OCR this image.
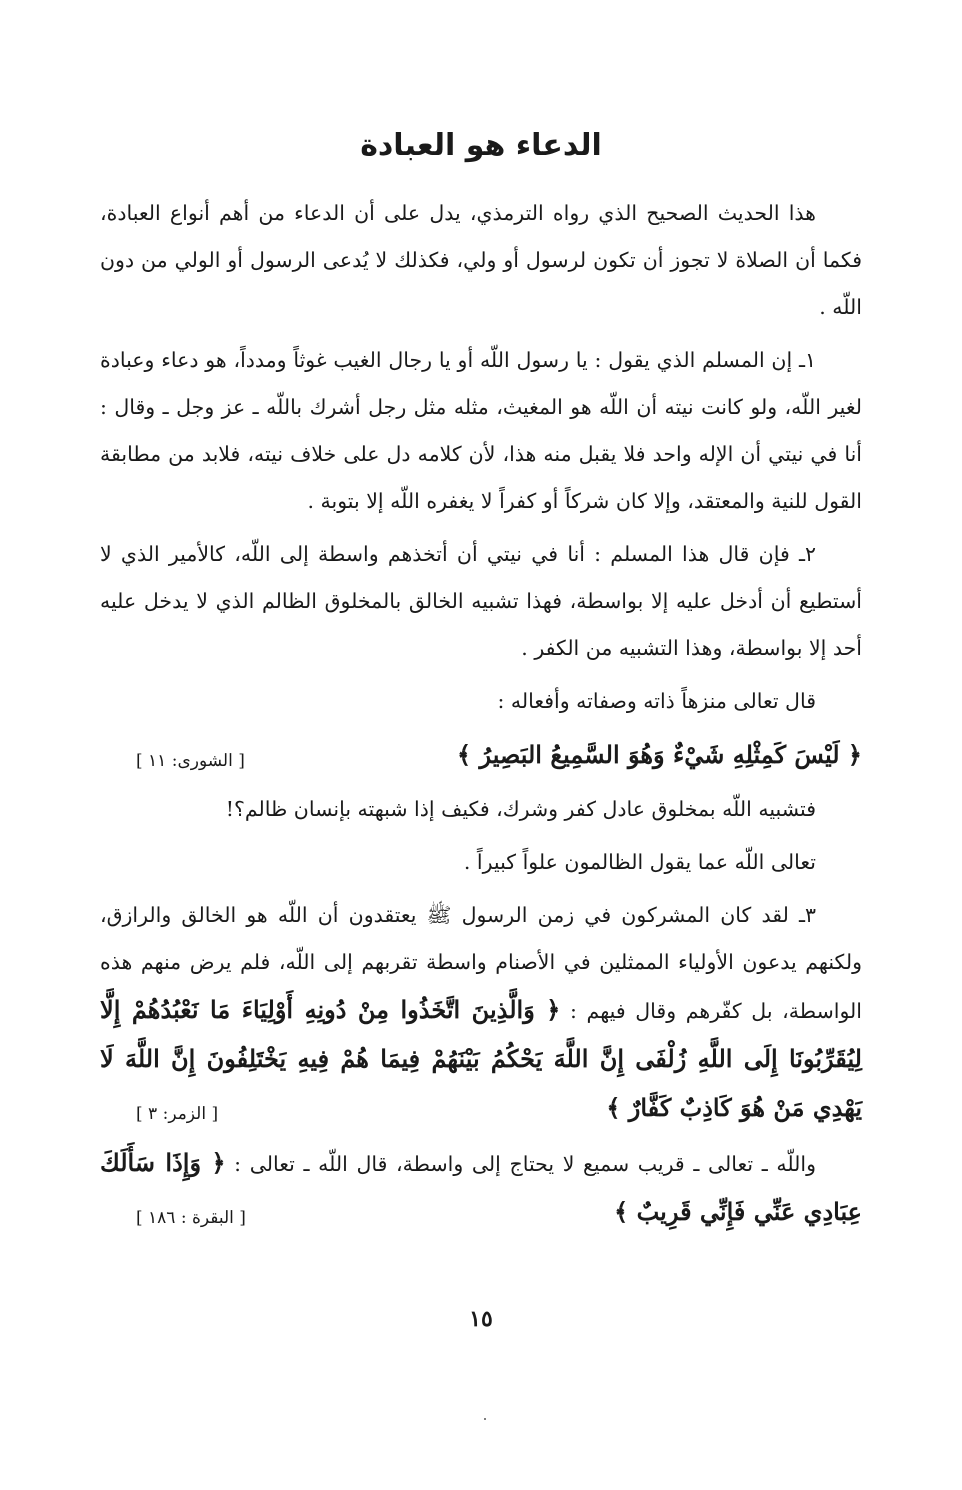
الدعاء هو العبادة

هذا الحديث الصحيح الذي رواه الترمذي، يدل على أن الدعاء من أهم أنواع العبادة، فكما أن الصلاة لا تجوز أن تكون لرسول أو ولي، فكذلك لا يُدعى الرسول أو الولي من دون اللّه .

١ـ إن المسلم الذي يقول : يا رسول اللّه أو يا رجال الغيب غوثاً ومدداً، هو دعاء وعبادة لغير اللّه، ولو كانت نيته أن اللّه هو المغيث، مثله مثل رجل أشرك باللّه ـ عز وجل ـ وقال : أنا في نيتي أن الإله واحد فلا يقبل منه هذا، لأن كلامه دل على خلاف نيته، فلابد من مطابقة القول للنية والمعتقد، وإلا كان شركاً أو كفراً لا يغفره اللّه إلا بتوبة .

٢ـ فإن قال هذا المسلم : أنا في نيتي أن أتخذهم واسطة إلى اللّه، كالأمير الذي لا أستطيع أن أدخل عليه إلا بواسطة، فهذا تشبيه الخالق بالمخلوق الظالم الذي لا يدخل عليه أحد إلا بواسطة، وهذا التشبيه من الكفر .

قال تعالى منزهاً ذاته وصفاته وأفعاله :

﴿ لَيْسَ كَمِثْلِهِ شَيْءٌ وَهُوَ السَّمِيعُ البَصِيرُ ﴾
[ الشورى: ١١ ]

فتشبيه اللّه بمخلوق عادل كفر وشرك، فكيف إذا شبهته بإنسان ظالم؟!

تعالى اللّه عما يقول الظالمون علواً كبيراً .

٣ـ لقد كان المشركون في زمن الرسول ﷺ يعتقدون أن اللّه هو الخالق والرازق، ولكنهم يدعون الأولياء الممثلين في الأصنام واسطة تقربهم إلى اللّه، فلم يرض منهم هذه الواسطة، بل كفّرهم وقال فيهم : ﴿ وَالَّذِينَ اتَّخَذُوا مِنْ دُونِهِ أَوْلِيَاءَ مَا نَعْبُدُهُمْ إِلَّا لِيُقَرِّبُونَا إِلَى اللَّهِ زُلْفَى إِنَّ اللَّهَ يَحْكُمُ بَيْنَهُمْ فِيمَا هُمْ فِيهِ يَخْتَلِفُونَ إِنَّ اللَّهَ لَا يَهْدِي مَنْ هُوَ كَاذِبٌ كَفَّارٌ ﴾
[ الزمر: ٣ ]

واللّه ـ تعالى ـ قريب سميع لا يحتاج إلى واسطة، قال اللّه ـ تعالى : ﴿ وَإِذَا سَأَلَكَ عِبَادِي عَنِّي فَإِنِّي قَرِيبٌ ﴾
[ البقرة : ١٨٦ ]

١٥
